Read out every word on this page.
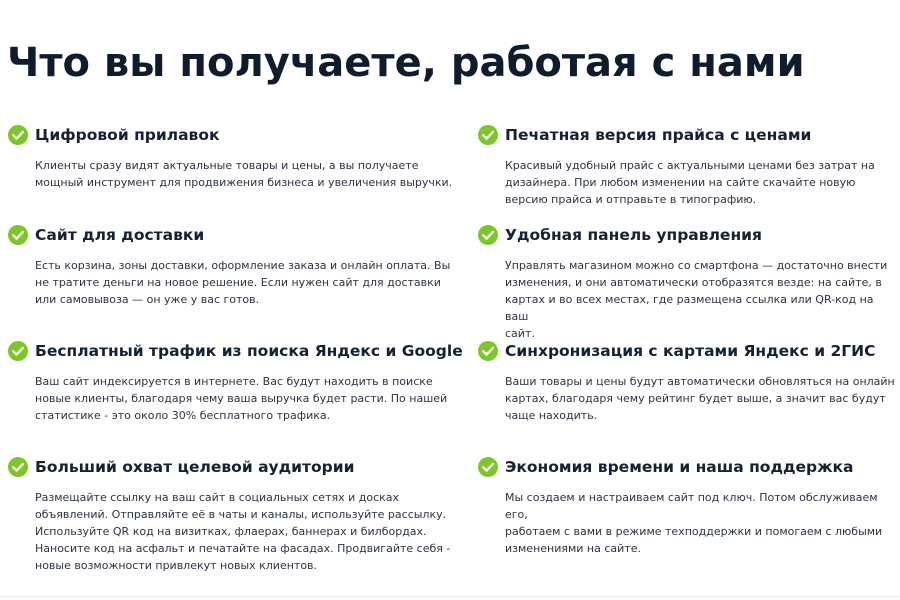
Что вы получаете, работая с нами
Цифровой прилавок

Клиенты сразу видят актуальные товары и цены, а вы получаете
мощный инструмент для продвижения бизнеса и увеличения выручки.

Сайт для доставки

Есть корзина, зоны доставки, оформление заказа и онлайн оплата. Вы
не тратите деньги на новое решение. Если нужен сайт для доставки
или самовывоза — он уже у вас готов.

Бесплатный трафик из поиска Яндекс и Google

Ваш сайт индексируется в интернете. Вас будут находить в поиске
новые клиенты, благодаря чему ваша выручка будет расти. По нашей
статистике - это около 30% бесплатного трафика.

Больший охват целевой аудитории

Размещайте ссылку на ваш сайт в социальных сетях и досках
объявлений. Отправляйте её в чаты и каналы, используйте рассылку.
Используйте QR код на визитках, флаерах, баннерах и билбордах.
Наносите код на асфальт и печатайте на фасадах. Продвигайте себя -
новые возможности привлекут новых клиентов.

Печатная версия прайса с ценами

Красивый удобный прайс с актуальными ценами без затрат на
дизайнера. При любом изменении на сайте скачайте новую
версию прайса и отправьте в типографию.

Удобная панель управления

Управлять магазином можно со смартфона — достаточно внести
изменения, и они автоматически отобразятся везде: на сайте, в
картах и во всех местах, где размещена ссылка или QR-код на ваш
сайт.

Синхронизация с картами Яндекс и 2ГИС

Ваши товары и цены будут автоматически обновляться на онлайн
картах, благодаря чему рейтинг будет выше, а значит вас будут
чаще находить.

Экономия времени и наша поддержка

Мы создаем и настраиваем сайт под ключ. Потом обслуживаем его,
работаем с вами в режиме техподдержки и помогаем с любыми
изменениями на сайте.
